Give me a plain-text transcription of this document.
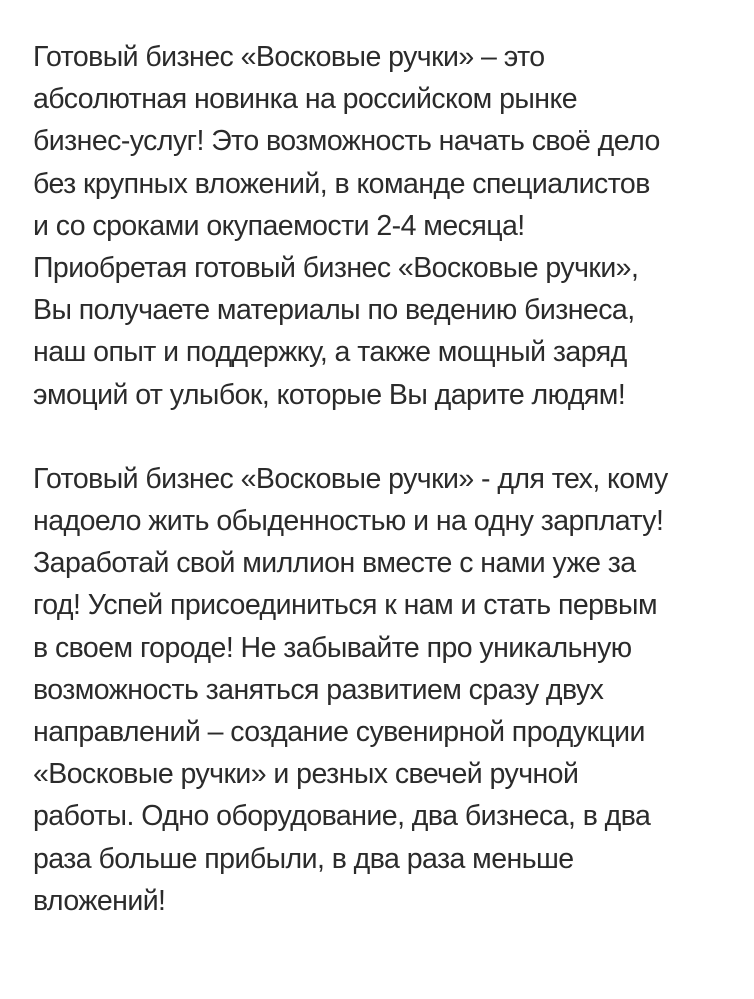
Готовый бизнес «Восковые ручки» – это
абсолютная новинка на российском рынке
бизнес-услуг! Это возможность начать своё дело
без крупных вложений, в команде специалистов
и со сроками окупаемости 2-4 месяца!
Приобретая готовый бизнес «Восковые ручки»,
Вы получаете материалы по ведению бизнеса,
наш опыт и поддержку, а также мощный заряд
эмоций от улыбок, которые Вы дарите людям!

Готовый бизнес «Восковые ручки» - для тех, кому
надоело жить обыденностью и на одну зарплату!
Заработай свой миллион вместе с нами уже за
год! Успей присоединиться к нам и стать первым
в своем городе! Не забывайте про уникальную
возможность заняться развитием сразу двух
направлений – создание сувенирной продукции
«Восковые ручки» и резных свечей ручной
работы. Одно оборудование, два бизнеса, в два
раза больше прибыли, в два раза меньше
вложений!
